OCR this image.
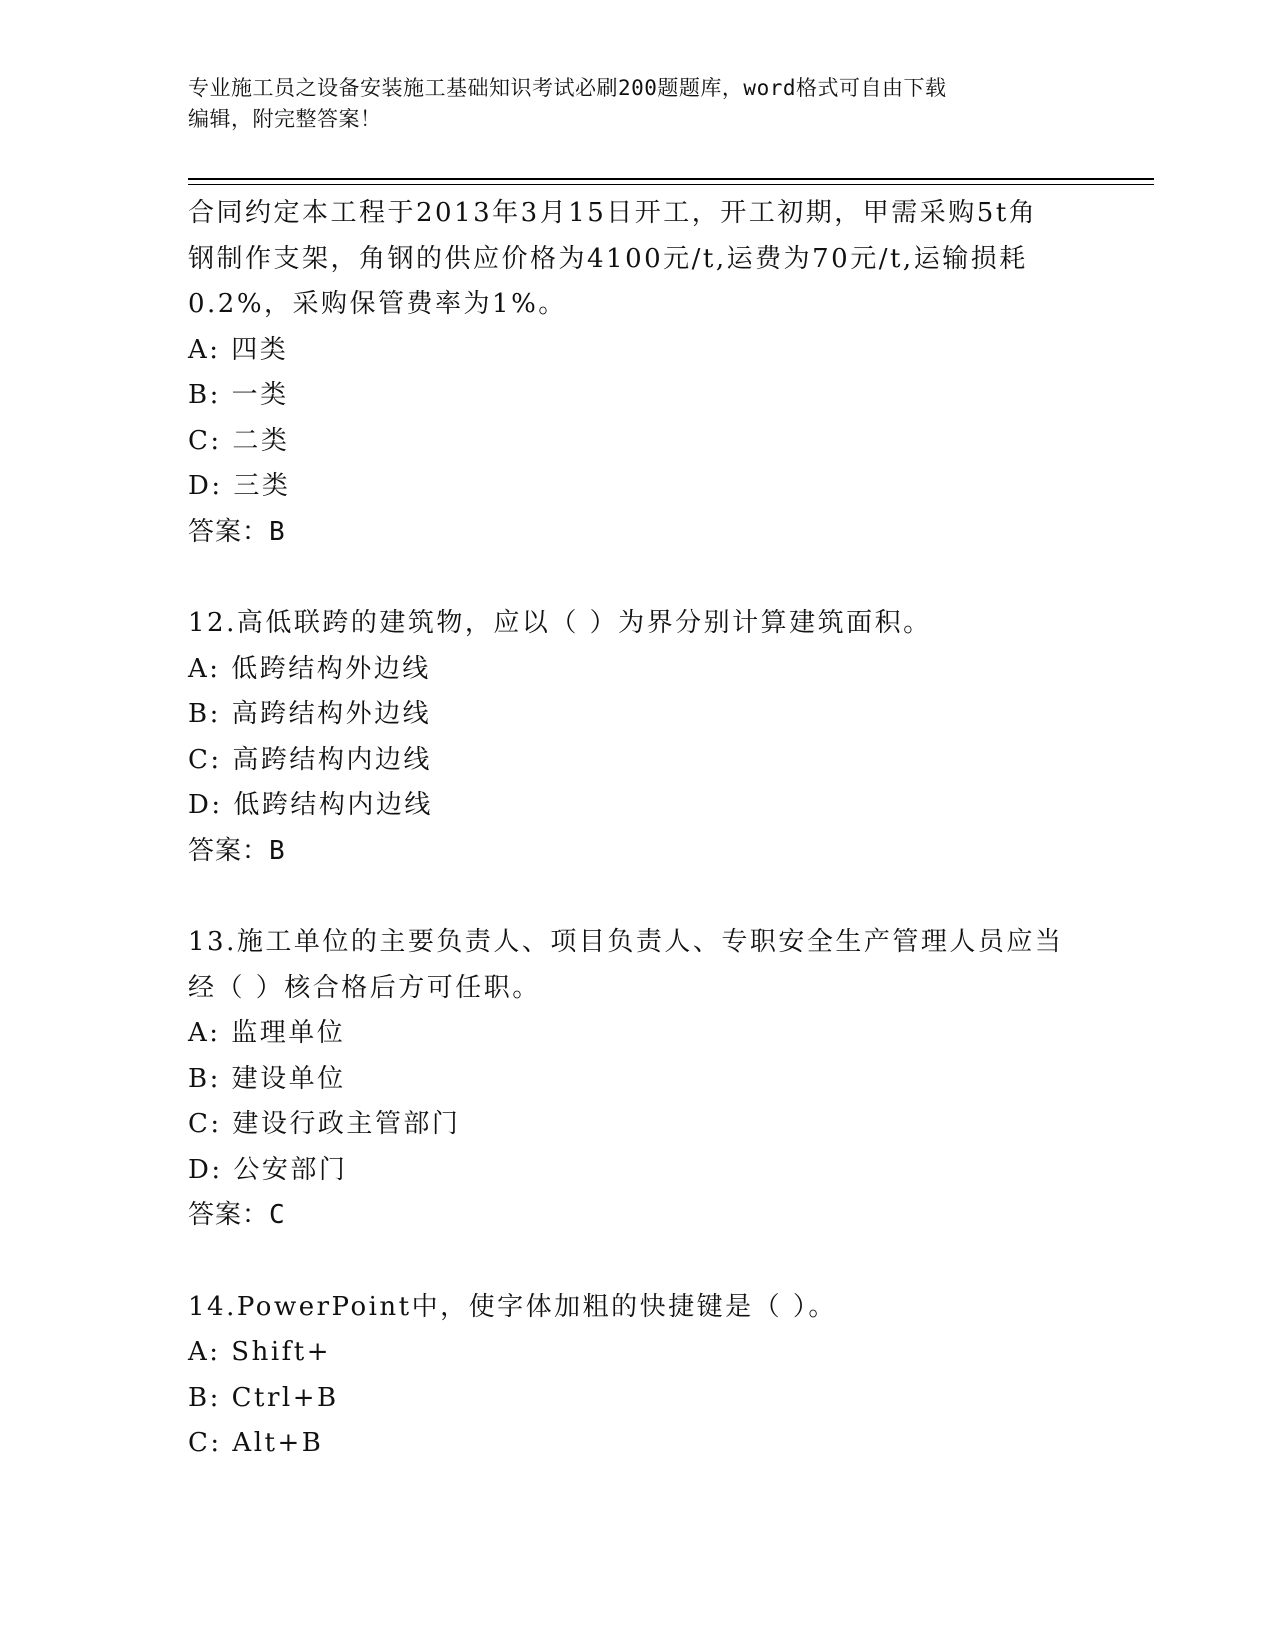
专业施工员之设备安装施工基础知识考试必刷200题题库，word格式可自由下载
编辑，附完整答案！
合同约定本工程于2013年3月15日开工，开工初期，甲需采购5t角
钢制作支架，角钢的供应价格为4100元/t,运费为70元/t,运输损耗
0.2%，采购保管费率为1%。
A: 四类
B: 一类
C: 二类
D: 三类
答案：B
12.高低联跨的建筑物，应以（ ）为界分别计算建筑面积。
A: 低跨结构外边线
B: 高跨结构外边线
C: 高跨结构内边线
D: 低跨结构内边线
答案：B
13.施工单位的主要负责人、项目负责人、专职安全生产管理人员应当
经（ ）核合格后方可任职。
A: 监理单位
B: 建设单位
C: 建设行政主管部门
D: 公安部门
答案：C
14.PowerPoint中，使字体加粗的快捷键是（ ）。
A: Shift+
B: Ctrl+B
C: Alt+B
